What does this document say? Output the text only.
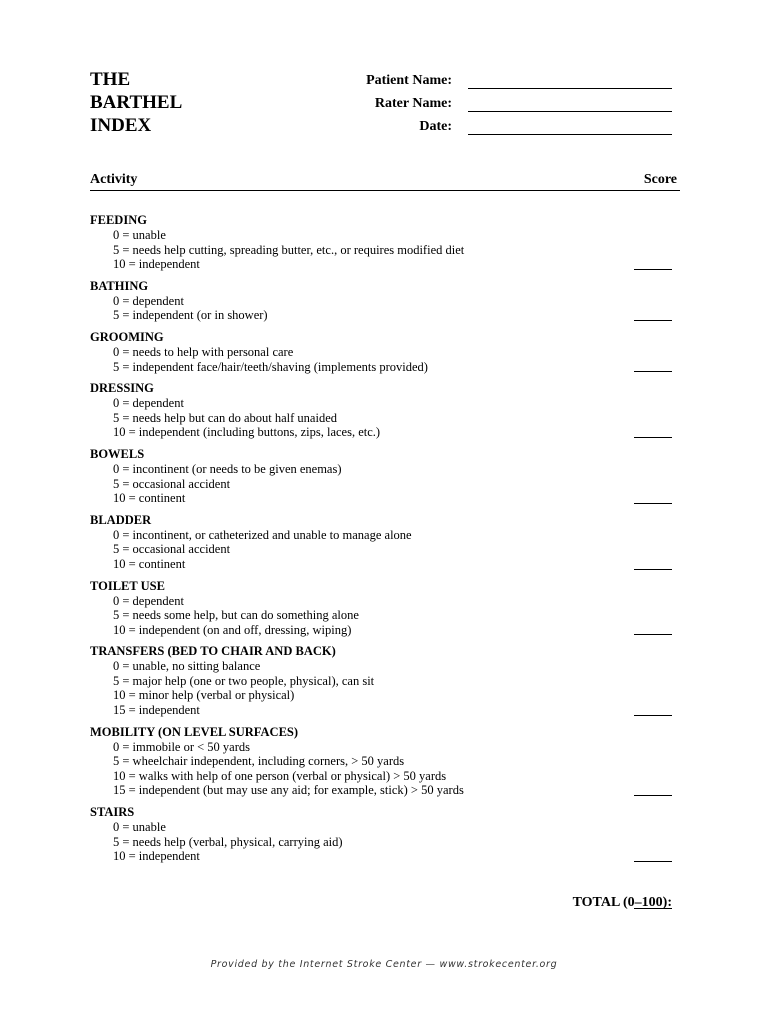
THE
BARTHEL
INDEX
Patient Name:
Rater Name:
Date:
Activity	Score
FEEDING
0 = unable
5 = needs help cutting, spreading butter, etc., or requires modified diet
10 = independent
BATHING
0 = dependent
5 = independent (or in shower)
GROOMING
0 = needs to help with personal care
5 = independent face/hair/teeth/shaving (implements provided)
DRESSING
0 = dependent
5 = needs help but can do about half unaided
10 = independent (including buttons, zips, laces, etc.)
BOWELS
0 = incontinent (or needs to be given enemas)
5 = occasional accident
10 = continent
BLADDER
0 = incontinent, or catheterized and unable to manage alone
5 = occasional accident
10 = continent
TOILET USE
0 = dependent
5 = needs some help, but can do something alone
10 = independent (on and off, dressing, wiping)
TRANSFERS (BED TO CHAIR AND BACK)
0 = unable, no sitting balance
5 = major help (one or two people, physical), can sit
10 = minor help (verbal or physical)
15 = independent
MOBILITY (ON LEVEL SURFACES)
0 = immobile or < 50 yards
5 = wheelchair independent, including corners, > 50 yards
10 = walks with help of one person (verbal or physical) > 50 yards
15 = independent (but may use any aid; for example, stick) > 50 yards
STAIRS
0 = unable
5 = needs help (verbal, physical, carrying aid)
10 = independent
TOTAL (0–100):
Provided by the Internet Stroke Center — www.strokecenter.org
